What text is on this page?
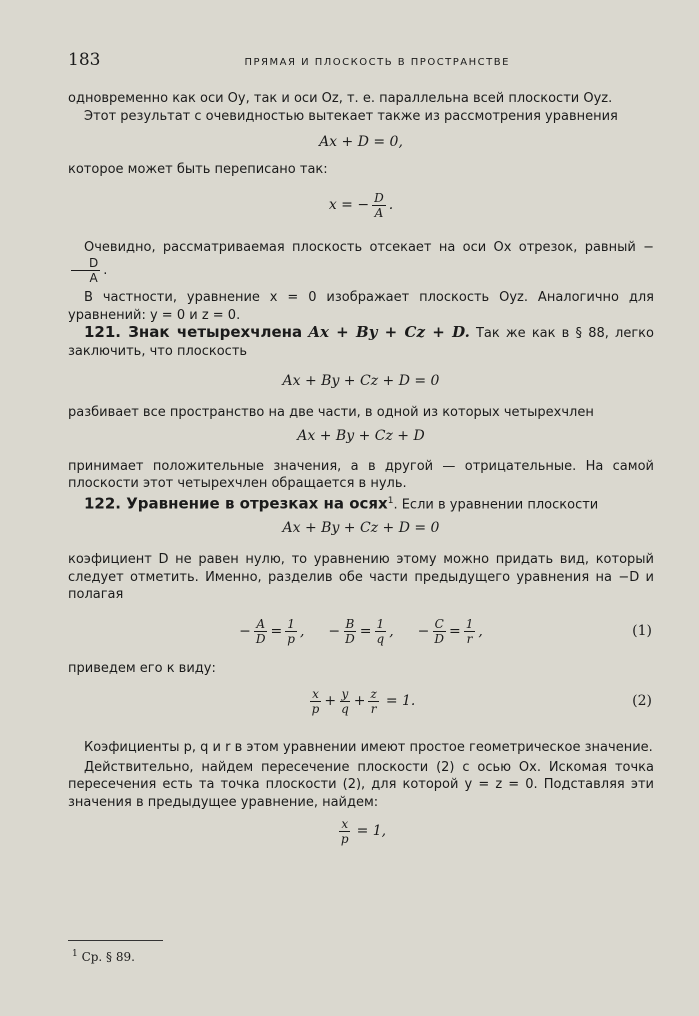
183	ПРЯМАЯ И ПЛОСКОСТЬ В ПРОСТРАНСТВЕ

одновременно как оси Oy, так и оси Oz, т. е. параллельна всей плоскости Oyz.

Этот результат с очевидностью вытекает также из рассмотрения уравнения

Ax + D = 0,

которое может быть переписано так:

x = − $\frac{D}{A}$ .

Очевидно, рассматриваемая плоскость отсекает на оси Ox отрезок, равный −
$\frac{D}{A}$ .

В частности, уравнение x = 0 изображает плоскость Oyz. Аналогично для уравнений: y = 0 и z = 0.

121. Знак четырехчлена Ax + By + Cz + D. Так же как в § 88, легко заключить, что плоскость

Ax + By + Cz + D = 0

разбивает все пространство на две части, в одной из которых четырехчлен

Ax + By + Cz + D

принимает положительные значения, а в другой — отрицательные. На самой плоскости этот четырехчлен обращается в нуль.

122. Уравнение в отрезках на осях$^1$. Если в уравнении плоскости

Ax + By + Cz + D = 0

коэфициент D не равен нулю, то уравнению этому можно придать вид, который следует отметить. Именно, разделив обе части предыдущего уравнения на −D и полагая

− $\frac{A}{D} = \frac{1}{p}$ , − $\frac{B}{D} = \frac{1}{q}$ , − $\frac{C}{D} = \frac{1}{r}$ ,	(1)

приведем его к виду:

$\frac{x}{p} + \frac{y}{q} + \frac{z}{r} = 1$.	(2)

Коэфициенты p, q и r в этом уравнении имеют простое геометрическое значение.

Действительно, найдем пересечение плоскости (2) с осью Ox. Искомая точка пересечения есть та точка плоскости (2), для которой y = z = 0. Подставляя эти значения в предыдущее уравнение, найдем:

$\frac{x}{p} = 1$,
$^1$ Ср. § 89.
